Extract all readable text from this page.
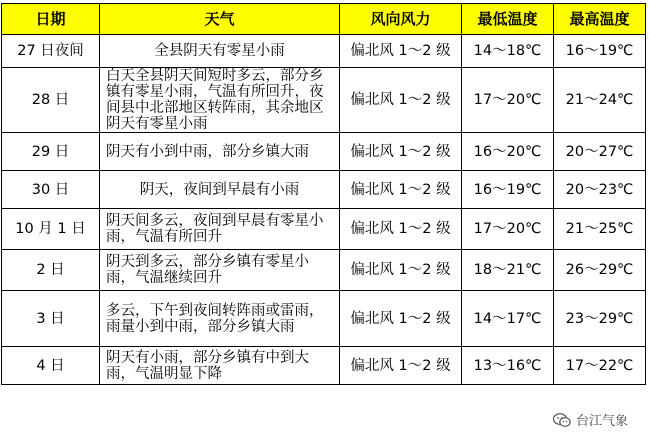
日期	天气	风向风力	最低温度	最高温度
27 日夜间	全县阴天有零星小雨	偏北风 1～2 级	14～18℃	16～19℃
28 日	白天全县阴天间短时多云，部分乡镇有零星小雨，气温有所回升，夜间县中北部地区转阵雨，其余地区阴天有零星小雨	偏北风 1～2 级	17～20℃	21～24℃
29 日	阴天有小到中雨，部分乡镇大雨	偏北风 1～2 级	16～20℃	20～27℃
30 日	阴天，夜间到早晨有小雨	偏北风 1～2 级	16～19℃	20～23℃
10 月 1 日	阴天间多云，夜间到早晨有零星小雨，气温有所回升	偏北风 1～2 级	17～20℃	21～25℃
2 日	阴天到多云，部分乡镇有零星小雨，气温继续回升	偏北风 1～2 级	18～21℃	26～29℃
3 日	多云，下午到夜间转阵雨或雷雨，雨量小到中雨，部分乡镇大雨	偏北风 1～2 级	14～17℃	23～29℃
4 日	阴天有小雨，部分乡镇有中到大雨，气温明显下降	偏北风 1～2 级	13～16℃	17～22℃
台江气象
